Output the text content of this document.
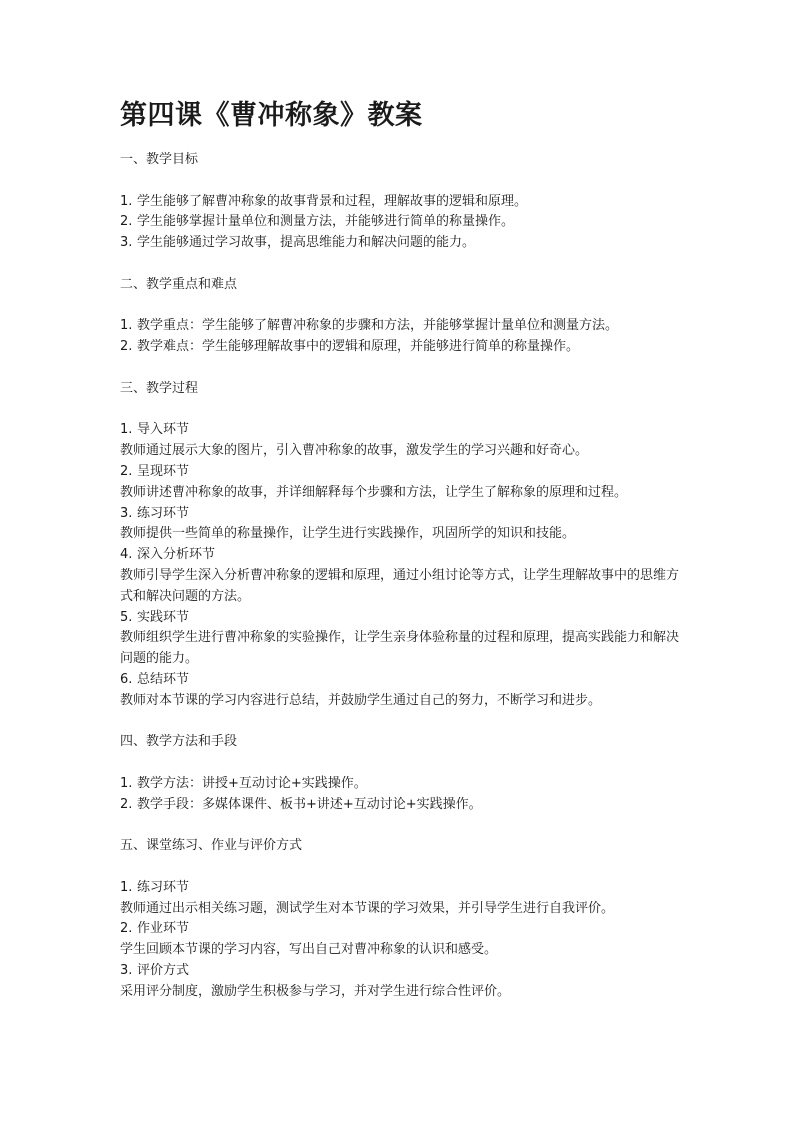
第四课《曹冲称象》教案
一、教学目标
1. 学生能够了解曹冲称象的故事背景和过程，理解故事的逻辑和原理。
2. 学生能够掌握计量单位和测量方法，并能够进行简单的称量操作。
3. 学生能够通过学习故事，提高思维能力和解决问题的能力。
二、教学重点和难点
1. 教学重点：学生能够了解曹冲称象的步骤和方法，并能够掌握计量单位和测量方法。
2. 教学难点：学生能够理解故事中的逻辑和原理，并能够进行简单的称量操作。
三、教学过程
1. 导入环节
教师通过展示大象的图片，引入曹冲称象的故事，激发学生的学习兴趣和好奇心。
2. 呈现环节
教师讲述曹冲称象的故事，并详细解释每个步骤和方法，让学生了解称象的原理和过程。
3. 练习环节
教师提供一些简单的称量操作，让学生进行实践操作，巩固所学的知识和技能。
4. 深入分析环节
教师引导学生深入分析曹冲称象的逻辑和原理，通过小组讨论等方式，让学生理解故事中的思维方式和解决问题的方法。
5. 实践环节
教师组织学生进行曹冲称象的实验操作，让学生亲身体验称量的过程和原理，提高实践能力和解决问题的能力。
6. 总结环节
教师对本节课的学习内容进行总结，并鼓励学生通过自己的努力，不断学习和进步。
四、教学方法和手段
1. 教学方法：讲授+互动讨论+实践操作。
2. 教学手段：多媒体课件、板书+讲述+互动讨论+实践操作。
五、课堂练习、作业与评价方式
1. 练习环节
教师通过出示相关练习题，测试学生对本节课的学习效果，并引导学生进行自我评价。
2. 作业环节
学生回顾本节课的学习内容，写出自己对曹冲称象的认识和感受。
3. 评价方式
采用评分制度，激励学生积极参与学习，并对学生进行综合性评价。
